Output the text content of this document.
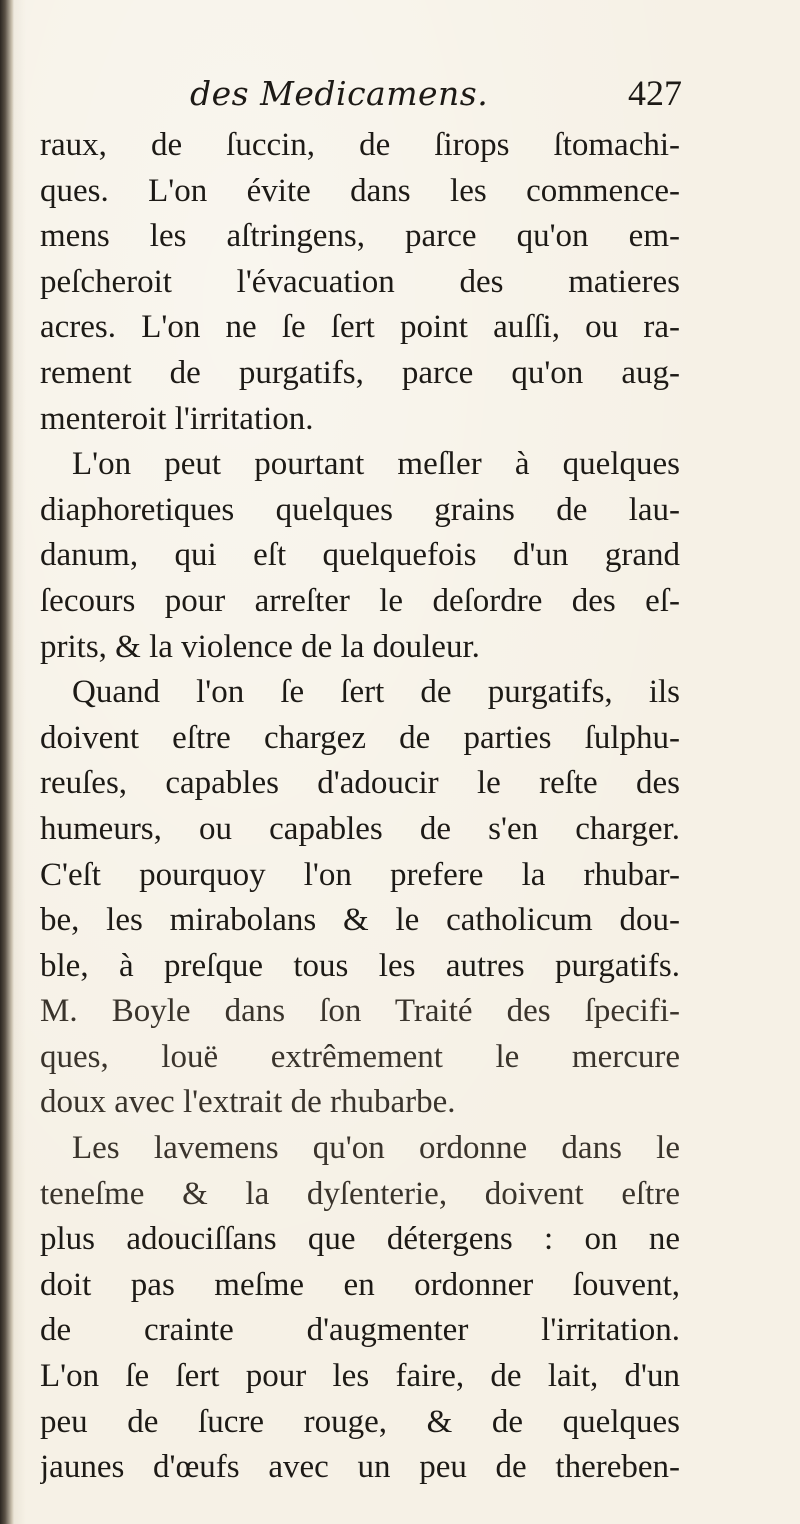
des Medicamens.	427
raux, de ſuccin, de ſirops ſtomachi-
ques. L'on évite dans les commence-
mens les aſtringens, parce qu'on em-
peſcheroit l'évacuation des matieres
acres. L'on ne ſe ſert point auſſi, ou ra-
rement de purgatifs, parce qu'on aug-
menteroit l'irritation.
L'on peut pourtant meſler à quelques
diaphoretiques quelques grains de lau-
danum, qui eſt quelquefois d'un grand
ſecours pour arreſter le deſordre des eſ-
prits, & la violence de la douleur.
Quand l'on ſe ſert de purgatifs, ils
doivent eſtre chargez de parties ſulphu-
reuſes, capables d'adoucir le reſte des
humeurs, ou capables de s'en charger.
C'eſt pourquoy l'on prefere la rhubar-
be, les mirabolans & le catholicum dou-
ble, à preſque tous les autres purgatifs.
M. Boyle dans ſon Traité des ſpecifi-
ques, louë extrêmement le mercure
doux avec l'extrait de rhubarbe.
Les lavemens qu'on ordonne dans le
teneſme & la dyſenterie, doivent eſtre
plus adouciſſans que détergens : on ne
doit pas meſme en ordonner ſouvent,
de crainte d'augmenter l'irritation.
L'on ſe ſert pour les faire, de lait, d'un
peu de ſucre rouge, & de quelques
jaunes d'œufs avec un peu de thereben-
